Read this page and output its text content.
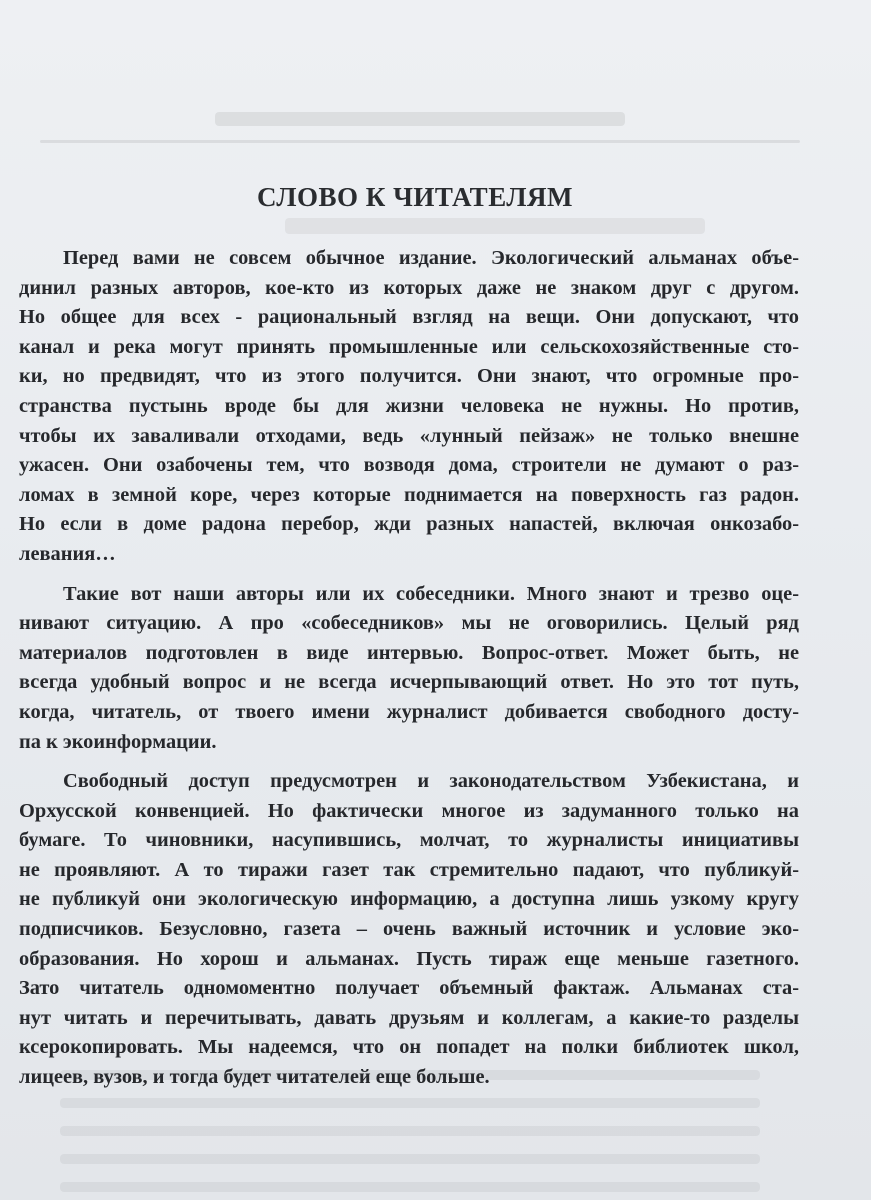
СЛОВО К ЧИТАТЕЛЯМ

Перед вами не совсем обычное издание. Экологический альманах объе-
динил разных авторов, кое-кто из которых даже не знаком друг с другом.
Но общее для всех - рациональный взгляд на вещи. Они допускают, что
канал и река могут принять промышленные или сельскохозяйственные сто-
ки, но предвидят, что из этого получится. Они знают, что огромные про-
странства пустынь вроде бы для жизни человека не нужны. Но против,
чтобы их заваливали отходами, ведь «лунный пейзаж» не только внешне
ужасен. Они озабочены тем, что возводя дома, строители не думают о раз-
ломах в земной коре, через которые поднимается на поверхность газ радон.
Но если в доме радона перебор, жди разных напастей, включая онкозабо-
левания…

Такие вот наши авторы или их собеседники. Много знают и трезво оце-
нивают ситуацию. А про «собеседников» мы не оговорились. Целый ряд
материалов подготовлен в виде интервью. Вопрос-ответ. Может быть, не
всегда удобный вопрос и не всегда исчерпывающий ответ. Но это тот путь,
когда, читатель, от твоего имени журналист добивается свободного досту-
па к экоинформации.

Свободный доступ предусмотрен и законодательством Узбекистана, и
Орхусской конвенцией. Но фактически многое из задуманного только на
бумаге. То чиновники, насупившись, молчат, то журналисты инициативы
не проявляют. А то тиражи газет так стремительно падают, что публикуй-
не публикуй они экологическую информацию, а доступна лишь узкому кругу
подписчиков. Безусловно, газета – очень важный источник и условие эко-
образования. Но хорош и альманах. Пусть тираж еще меньше газетного.
Зато читатель одномоментно получает объемный фактаж. Альманах ста-
нут читать и перечитывать, давать друзьям и коллегам, а какие-то разделы
ксерокопировать. Мы надеемся, что он попадет на полки библиотек школ,
лицеев, вузов, и тогда будет читателей еще больше.
